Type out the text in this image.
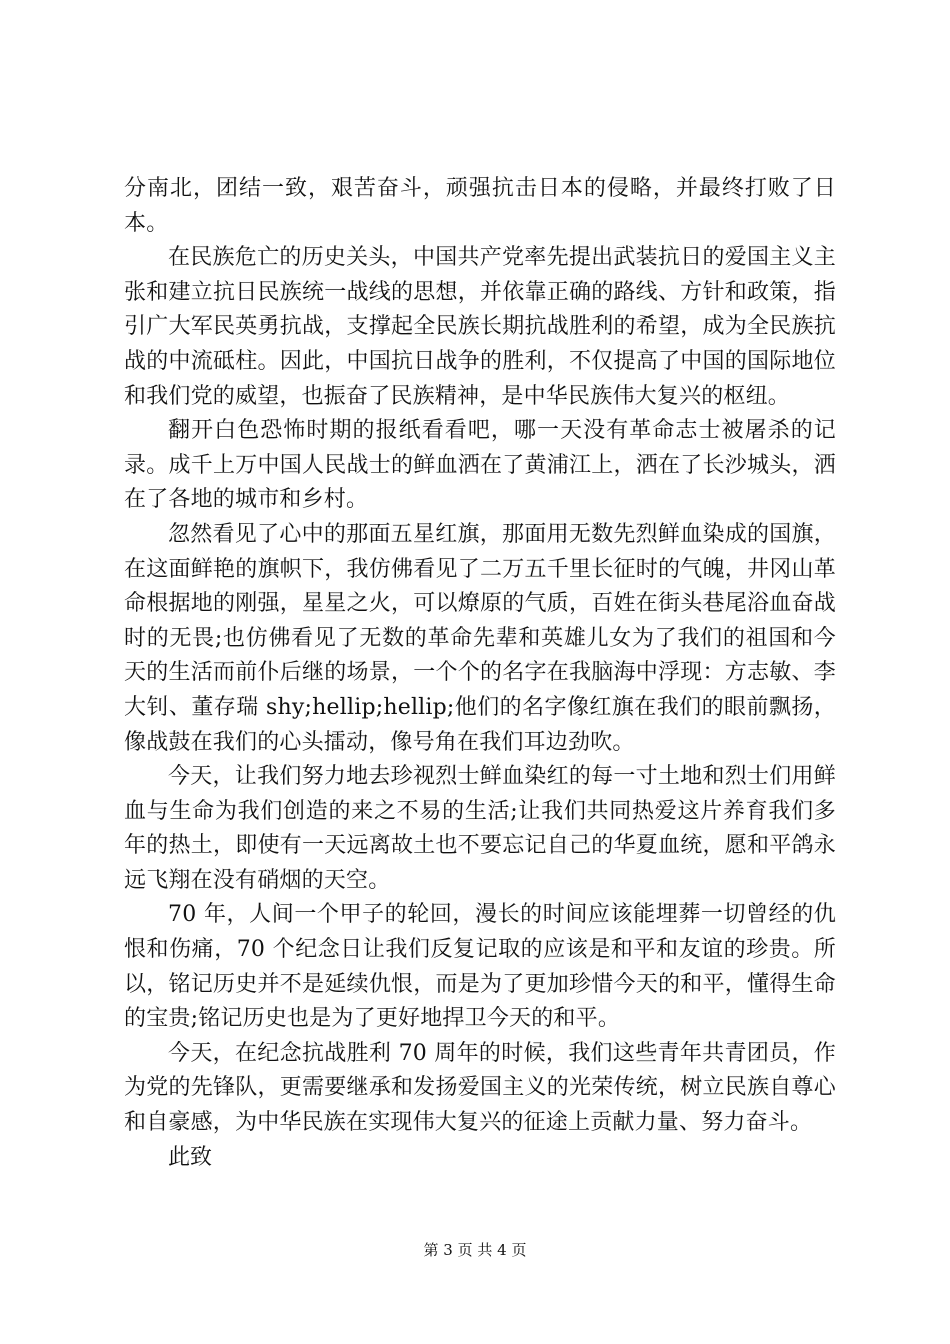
分南北，团结一致，艰苦奋斗，顽强抗击日本的侵略，并最终打败了日本。

在民族危亡的历史关头，中国共产党率先提出武装抗日的爱国主义主张和建立抗日民族统一战线的思想，并依靠正确的路线、方针和政策，指引广大军民英勇抗战，支撑起全民族长期抗战胜利的希望，成为全民族抗战的中流砥柱。因此，中国抗日战争的胜利，不仅提高了中国的国际地位和我们党的威望，也振奋了民族精神，是中华民族伟大复兴的枢纽。

翻开白色恐怖时期的报纸看看吧，哪一天没有革命志士被屠杀的记录。成千上万中国人民战士的鲜血洒在了黄浦江上，洒在了长沙城头，洒在了各地的城市和乡村。

忽然看见了心中的那面五星红旗，那面用无数先烈鲜血染成的国旗，在这面鲜艳的旗帜下，我仿佛看见了二万五千里长征时的气魄，井冈山革命根据地的刚强，星星之火，可以燎原的气质，百姓在街头巷尾浴血奋战时的无畏;也仿佛看见了无数的革命先辈和英雄儿女为了我们的祖国和今天的生活而前仆后继的场景，一个个的名字在我脑海中浮现：方志敏、李大钊、董存瑞 shy;hellip;hellip;他们的名字像红旗在我们的眼前飘扬，像战鼓在我们的心头擂动，像号角在我们耳边劲吹。

今天，让我们努力地去珍视烈士鲜血染红的每一寸土地和烈士们用鲜血与生命为我们创造的来之不易的生活;让我们共同热爱这片养育我们多年的热土，即使有一天远离故土也不要忘记自己的华夏血统，愿和平鸽永远飞翔在没有硝烟的天空。

70 年，人间一个甲子的轮回，漫长的时间应该能埋葬一切曾经的仇恨和伤痛，70 个纪念日让我们反复记取的应该是和平和友谊的珍贵。所以，铭记历史并不是延续仇恨，而是为了更加珍惜今天的和平，懂得生命的宝贵;铭记历史也是为了更好地捍卫今天的和平。

今天，在纪念抗战胜利 70 周年的时候，我们这些青年共青团员，作为党的先锋队，更需要继承和发扬爱国主义的光荣传统，树立民族自尊心和自豪感，为中华民族在实现伟大复兴的征途上贡献力量、努力奋斗。

此致

第 3 页 共 4 页
